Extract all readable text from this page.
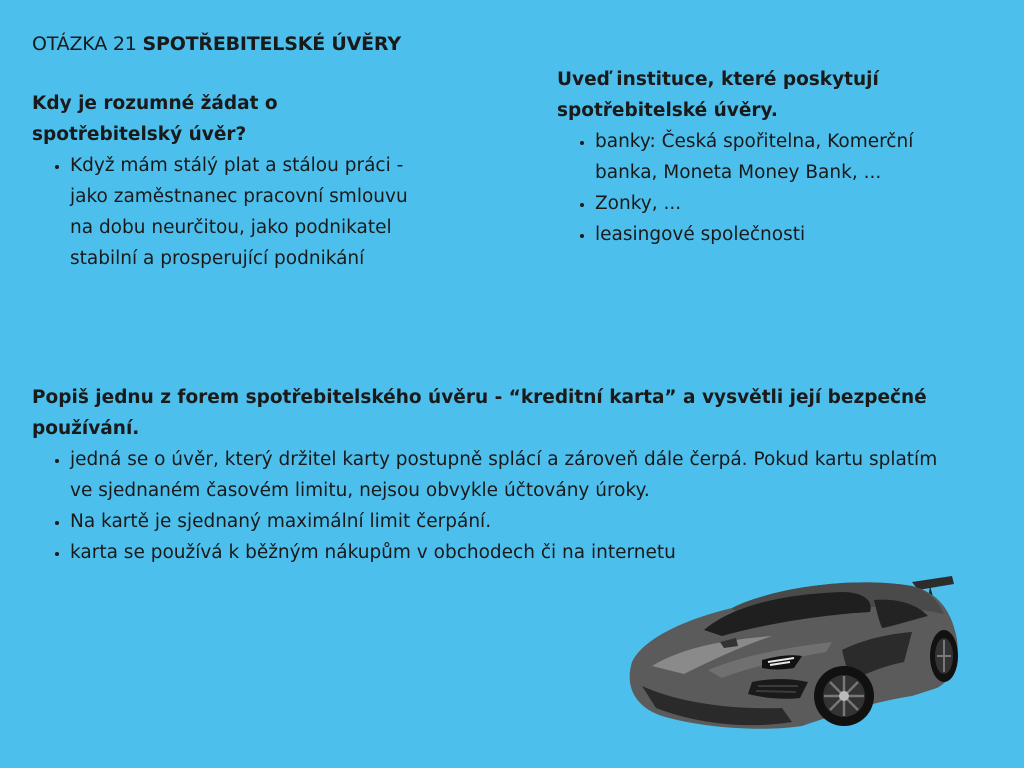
OTÁZKA 21 SPOTŘEBITELSKÉ ÚVĚRY

Kdy je rozumné žádat o spotřebitelský úvěr?

• Když mám stálý plat a stálou práci - jako zaměstnanec pracovní smlouvu na dobu neurčitou, jako podnikatel stabilní a prosperující podnikání

Uveď instituce, které poskytují spotřebitelské úvěry.

• banky: Česká spořitelna, Komerční banka, Moneta Money Bank, ...
• Zonky, ...
• leasingové společnosti

Popiš jednu z forem spotřebitelského úvěru - “kreditní karta” a vysvětli její bezpečné používání.

• jedná se o úvěr, který držitel karty postupně splácí a zároveň dále čerpá. Pokud kartu splatím ve sjednaném časovém limitu, nejsou obvykle účtovány úroky.
• Na kartě je sjednaný maximální limit čerpání.
• karta se používá k běžným nákupům v obchodech či na internetu
